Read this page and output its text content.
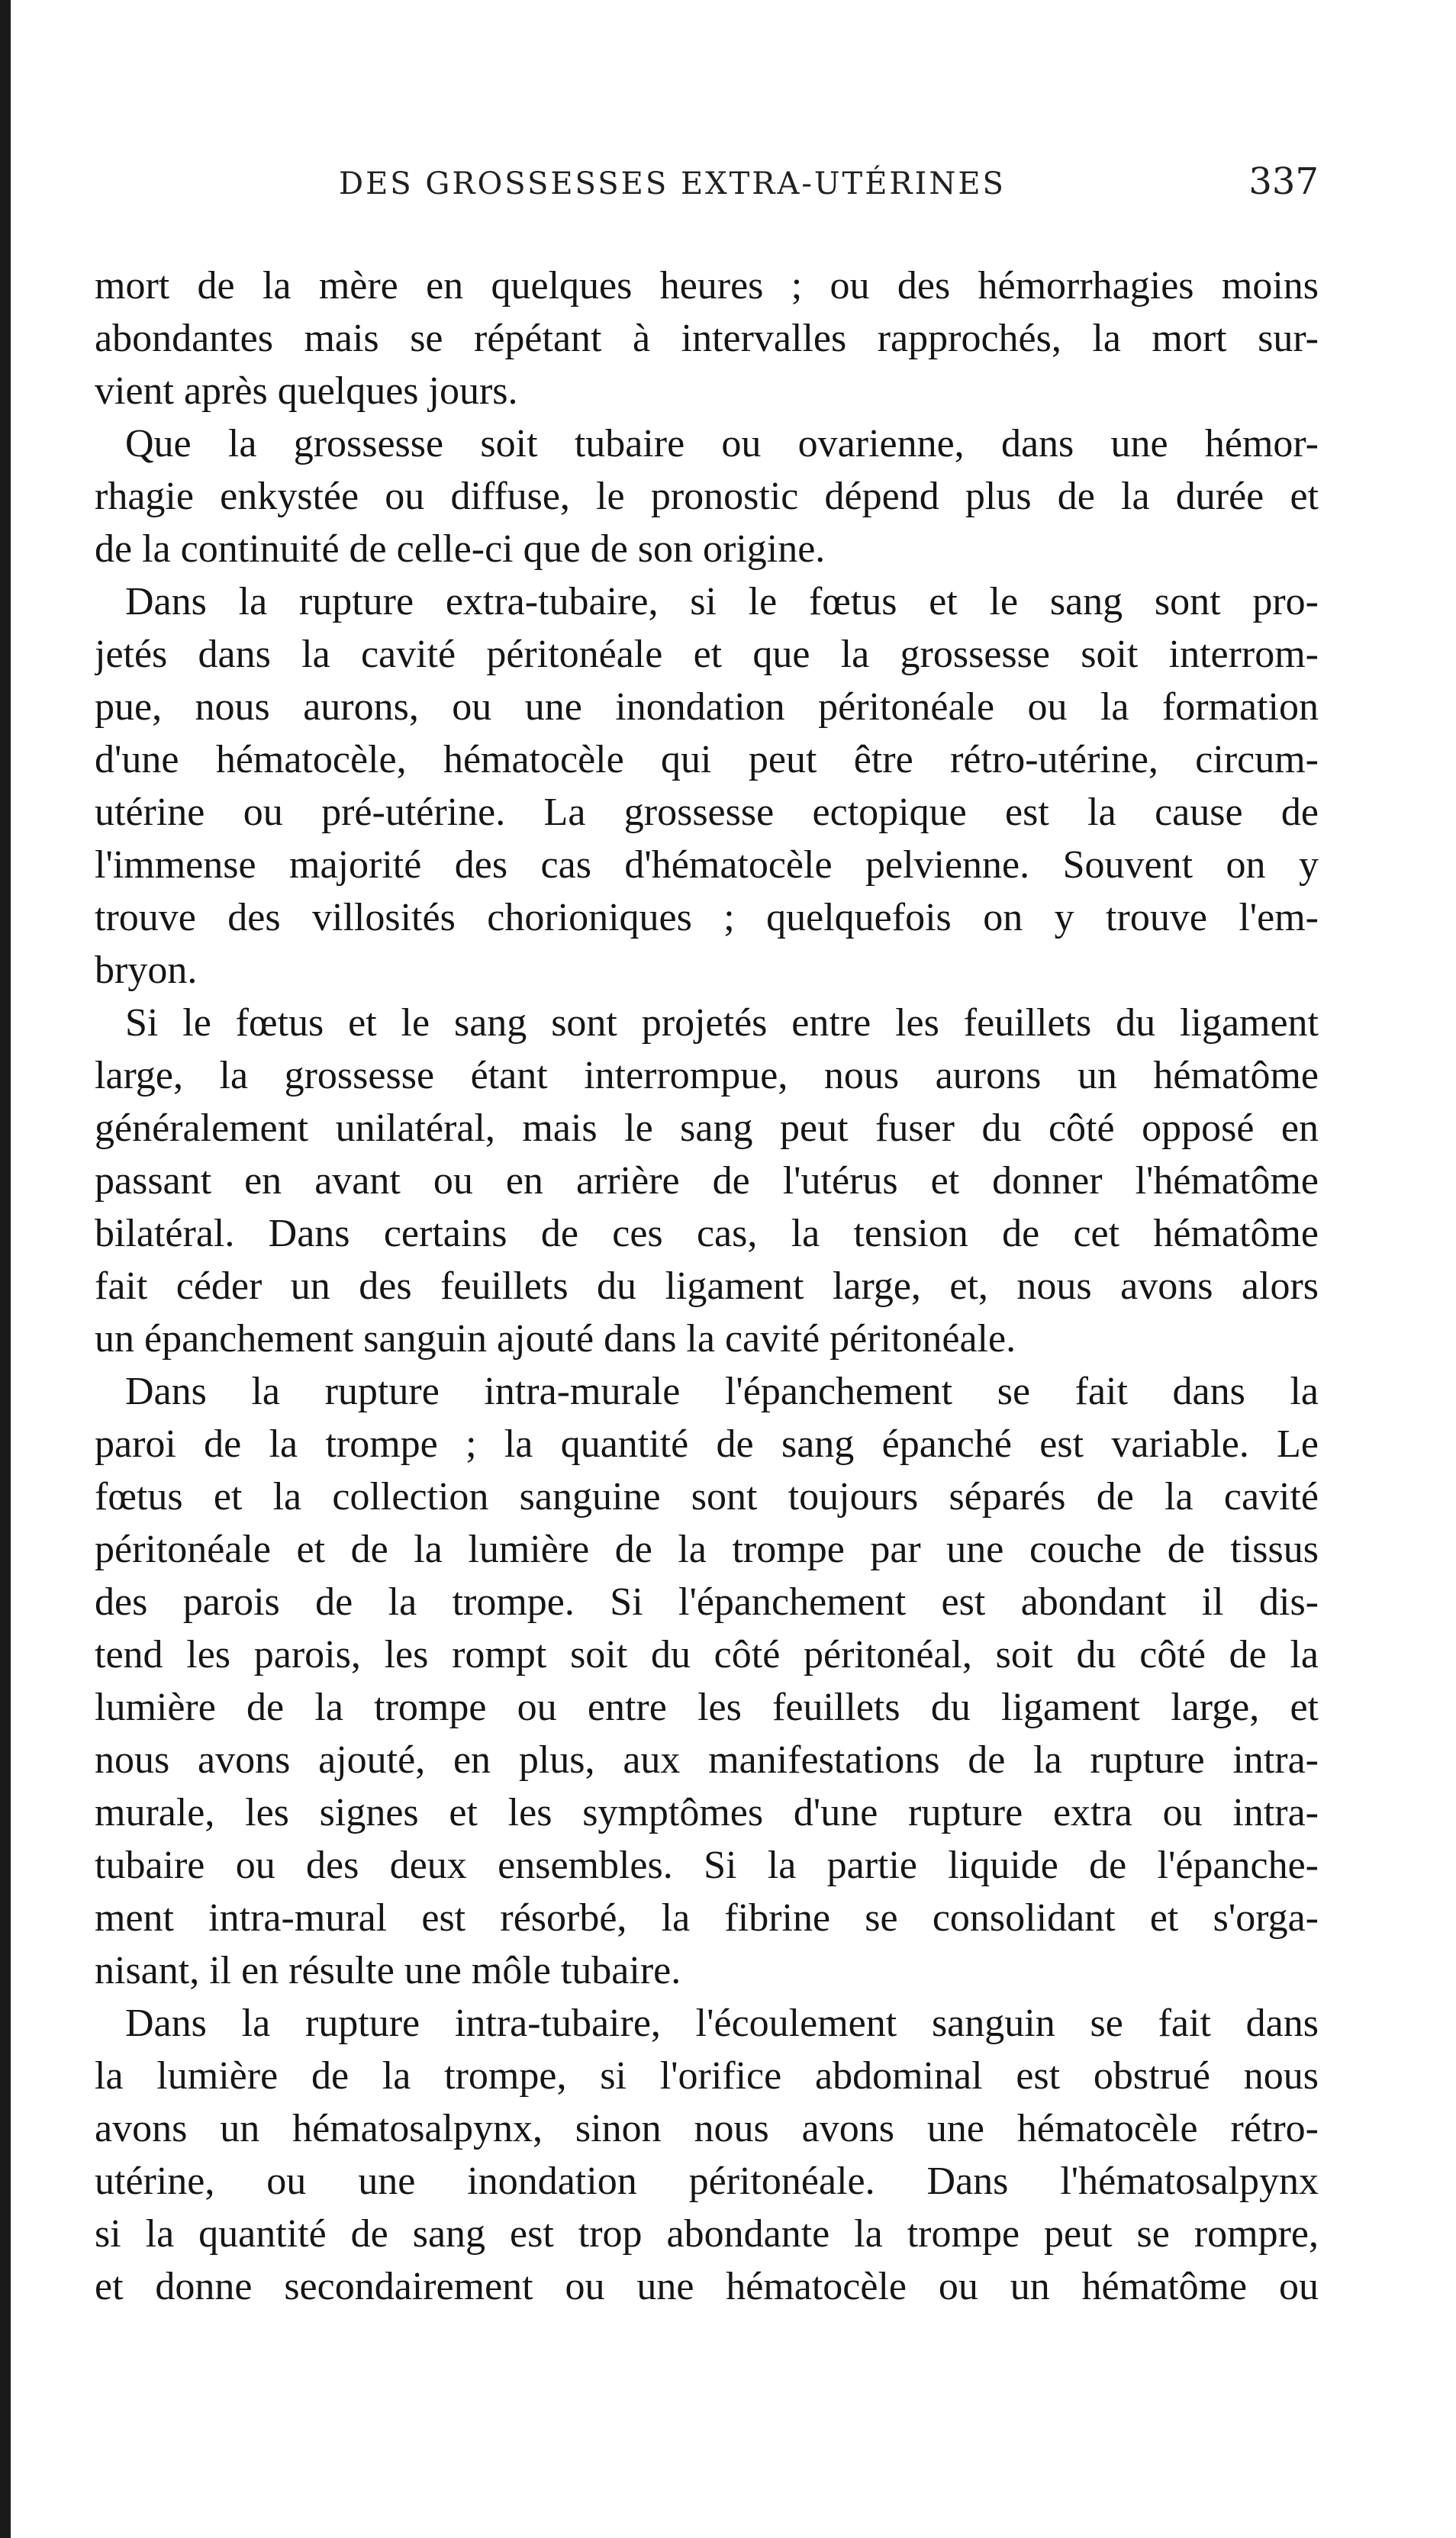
DES GROSSESSES EXTRA-UTÉRINES	337
mort de la mère en quelques heures ; ou des hémorrhagies moins
abondantes mais se répétant à intervalles rapprochés, la mort sur-
vient après quelques jours.
Que la grossesse soit tubaire ou ovarienne, dans une hémor-
rhagie enkystée ou diffuse, le pronostic dépend plus de la durée et
de la continuité de celle-ci que de son origine.
Dans la rupture extra-tubaire, si le fœtus et le sang sont pro-
jetés dans la cavité péritonéale et que la grossesse soit interrom-
pue, nous aurons, ou une inondation péritonéale ou la formation
d'une hématocèle, hématocèle qui peut être rétro-utérine, circum-
utérine ou pré-utérine. La grossesse ectopique est la cause de
l'immense majorité des cas d'hématocèle pelvienne. Souvent on y
trouve des villosités chorioniques ; quelquefois on y trouve l'em-
bryon.
Si le fœtus et le sang sont projetés entre les feuillets du ligament
large, la grossesse étant interrompue, nous aurons un hématôme
généralement unilatéral, mais le sang peut fuser du côté opposé en
passant en avant ou en arrière de l'utérus et donner l'hématôme
bilatéral. Dans certains de ces cas, la tension de cet hématôme
fait céder un des feuillets du ligament large, et, nous avons alors
un épanchement sanguin ajouté dans la cavité péritonéale.
Dans la rupture intra-murale l'épanchement se fait dans la
paroi de la trompe ; la quantité de sang épanché est variable. Le
fœtus et la collection sanguine sont toujours séparés de la cavité
péritonéale et de la lumière de la trompe par une couche de tissus
des parois de la trompe. Si l'épanchement est abondant il dis-
tend les parois, les rompt soit du côté péritonéal, soit du côté de la
lumière de la trompe ou entre les feuillets du ligament large, et
nous avons ajouté, en plus, aux manifestations de la rupture intra-
murale, les signes et les symptômes d'une rupture extra ou intra-
tubaire ou des deux ensembles. Si la partie liquide de l'épanche-
ment intra-mural est résorbé, la fibrine se consolidant et s'orga-
nisant, il en résulte une môle tubaire.
Dans la rupture intra-tubaire, l'écoulement sanguin se fait dans
la lumière de la trompe, si l'orifice abdominal est obstrué nous
avons un hématosalpynx, sinon nous avons une hématocèle rétro-
utérine, ou une inondation péritonéale. Dans l'hématosalpynx
si la quantité de sang est trop abondante la trompe peut se rompre,
et donne secondairement ou une hématocèle ou un hématôme ou
